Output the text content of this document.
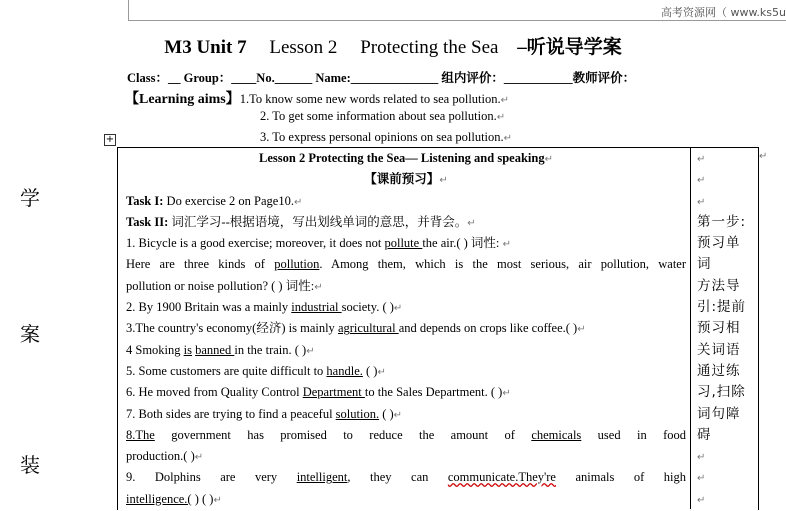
高考资源网（ www.ks5u
M3 Unit 7 Lesson 2 Protecting the Sea –听说导学案
Class：__ Group：____No.______ Name:______________ 组内评价：___________教师评价：
【Learning aims】1.To know some new words related to sea pollution.↵
2. To get some information about sea pollution.↵
3. To express personal opinions on sea pollution.↵
+
学
案
装
↵
Lesson 2 Protecting the Sea— Listening and speaking↵
【课前预习】↵
Task I: Do exercise 2 on Page10.↵
Task II: 词汇学习--根据语境，写出划线单词的意思，并背会。↵
1. Bicycle is a good exercise; moreover, it does not pollute the air.( ) 词性: ↵
Here are three kinds of pollution. Among them, which is the most serious, air pollution, water
pollution or noise pollution? ( ) 词性:↵
2. By 1900 Britain was a mainly industrial society. ( )↵
3.The country's economy(经济) is mainly agricultural and depends on crops like coffee.( )↵
4 Smoking is banned in the train. ( )↵
5. Some customers are quite difficult to handle. ( )↵
6. He moved from Quality Control Department to the Sales Department. ( )↵
7. Both sides are trying to find a peaceful solution. ( )↵
8.The government has promised to reduce the amount of chemicals used in food
production.( )↵
9. Dolphins are very intelligent, they can communicate.They're animals of high
intelligence.( ) ( )↵
↵
↵
↵
第一步:
预习单
词
方法导
引:提前
预习相
关词语
通过练
习,扫除
词句障
碍
↵
↵
↵
